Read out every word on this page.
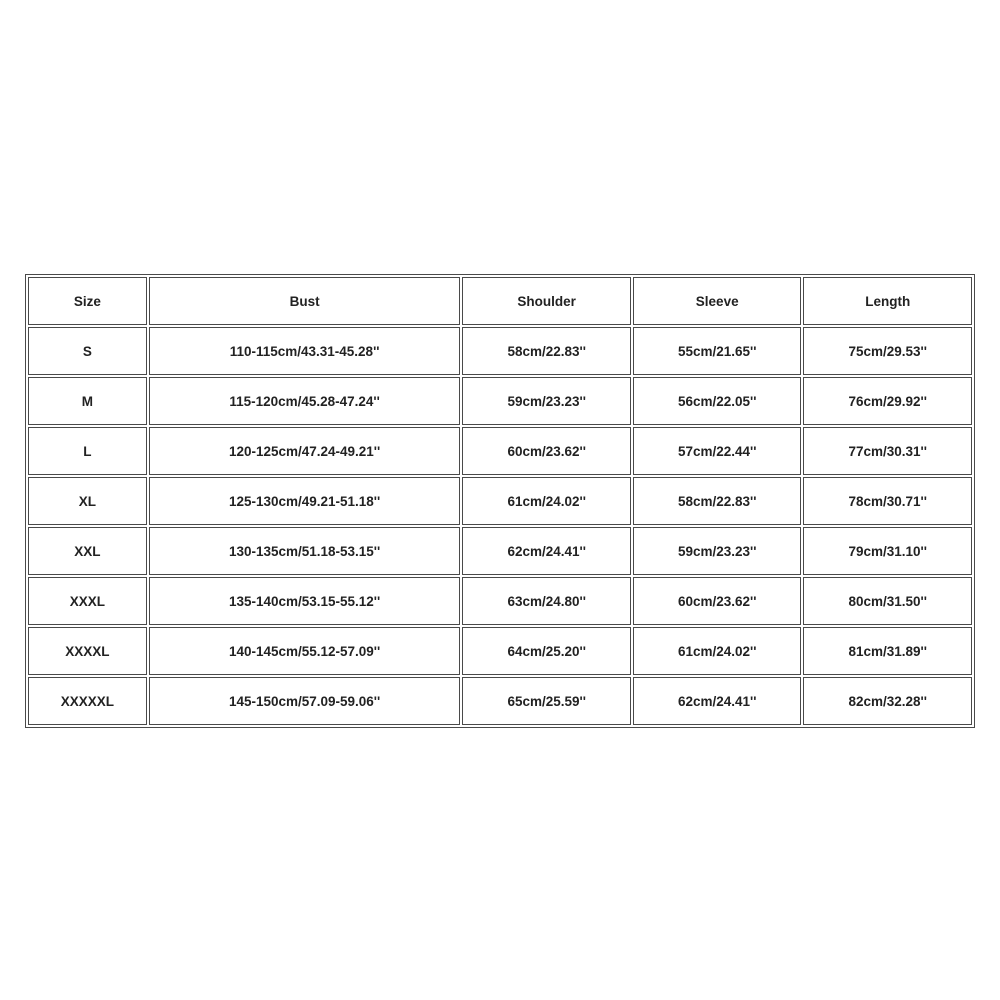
Size	Bust	Shoulder	Sleeve	Length
S	110-115cm/43.31-45.28''	58cm/22.83''	55cm/21.65''	75cm/29.53''
M	115-120cm/45.28-47.24''	59cm/23.23''	56cm/22.05''	76cm/29.92''
L	120-125cm/47.24-49.21''	60cm/23.62''	57cm/22.44''	77cm/30.31''
XL	125-130cm/49.21-51.18''	61cm/24.02''	58cm/22.83''	78cm/30.71''
XXL	130-135cm/51.18-53.15''	62cm/24.41''	59cm/23.23''	79cm/31.10''
XXXL	135-140cm/53.15-55.12''	63cm/24.80''	60cm/23.62''	80cm/31.50''
XXXXL	140-145cm/55.12-57.09''	64cm/25.20''	61cm/24.02''	81cm/31.89''
XXXXXL	145-150cm/57.09-59.06''	65cm/25.59''	62cm/24.41''	82cm/32.28''
